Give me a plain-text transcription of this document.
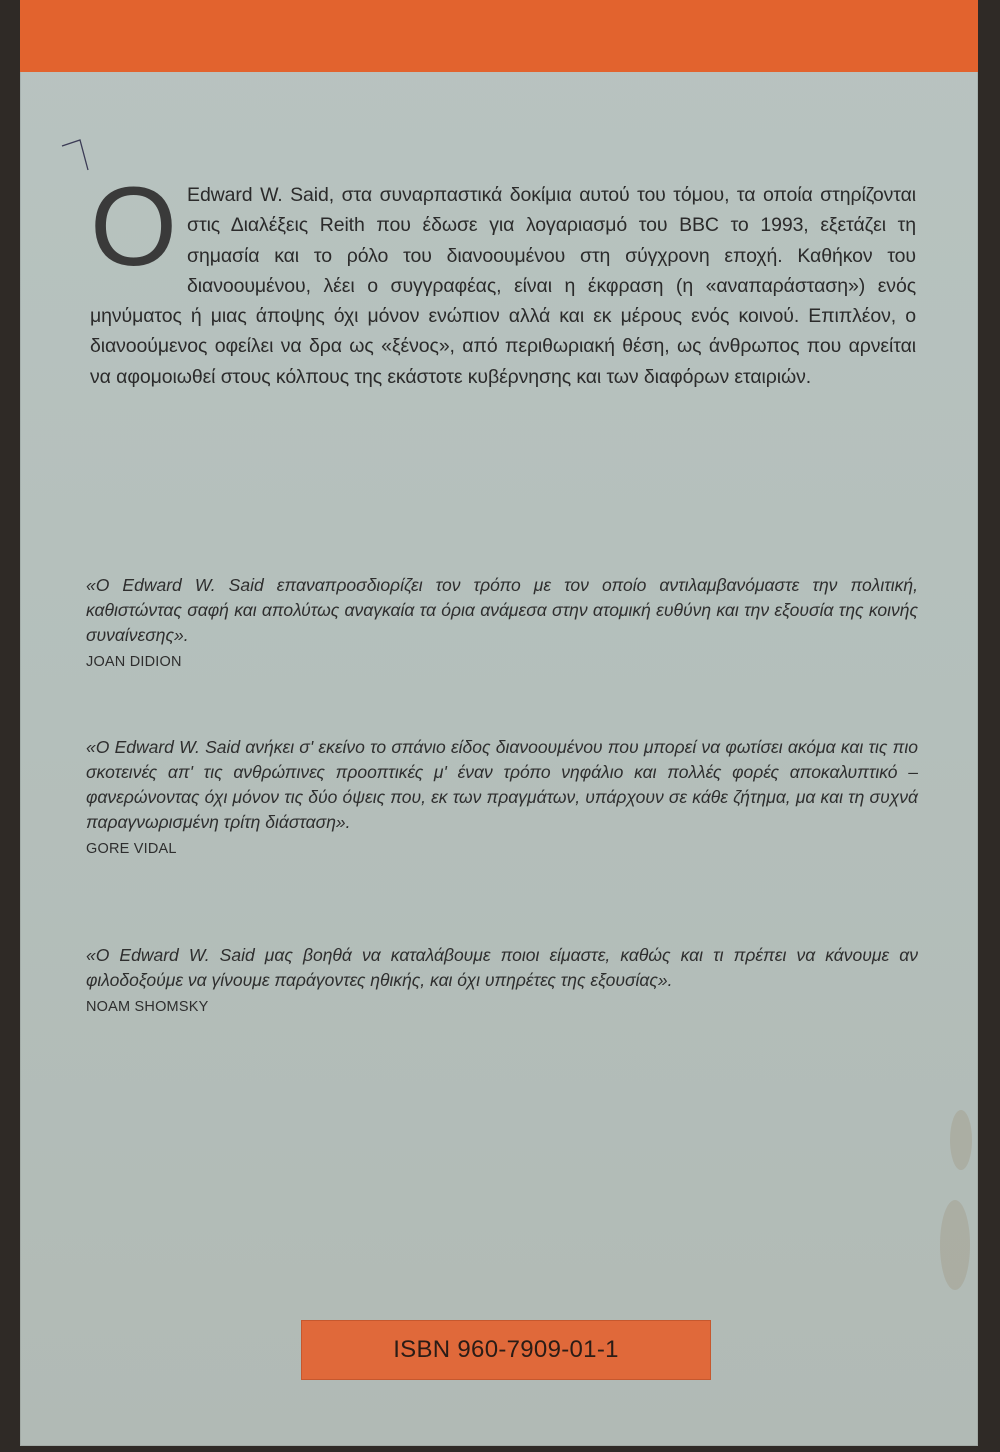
Ο Edward W. Said, στα συναρπαστικά δοκίμια αυτού του τόμου, τα οποία στηρίζονται στις Διαλέξεις Reith που έδωσε για λογαριασμό του BBC το 1993, εξετάζει τη σημασία και το ρόλο του διανοουμένου στη σύγχρονη εποχή. Καθήκον του διανοουμένου, λέει ο συγγραφέας, είναι η έκφραση (η «αναπαράσταση») ενός μηνύματος ή μιας άποψης όχι μόνον ενώπιον αλλά και εκ μέρους ενός κοινού. Επιπλέον, ο διανοούμενος οφείλει να δρα ως «ξένος», από περιθωριακή θέση, ως άνθρωπος που αρνείται να αφομοιωθεί στους κόλπους της εκάστοτε κυβέρνησης και των διαφόρων εταιριών.
«Ο Edward W. Said επαναπροσδιορίζει τον τρόπο με τον οποίο αντιλαμβανόμαστε την πολιτική, καθιστώντας σαφή και απολύτως αναγκαία τα όρια ανάμεσα στην ατομική ευθύνη και την εξουσία της κοινής συναίνεσης».
JOAN DIDION
«Ο Edward W. Said ανήκει σ' εκείνο το σπάνιο είδος διανοουμένου που μπορεί να φωτίσει ακόμα και τις πιο σκοτεινές απ' τις ανθρώπινες προοπτικές μ' έναν τρόπο νηφάλιο και πολλές φορές αποκαλυπτικό –φανερώνοντας όχι μόνον τις δύο όψεις που, εκ των πραγμάτων, υπάρχουν σε κάθε ζήτημα, μα και τη συχνά παραγνωρισμένη τρίτη διάσταση».
GORE VIDAL
«Ο Edward W. Said μας βοηθά να καταλάβουμε ποιοι είμαστε, καθώς και τι πρέπει να κάνουμε αν φιλοδοξούμε να γίνουμε παράγοντες ηθικής, και όχι υπηρέτες της εξουσίας».
NOAM SHOMSKY
ISBN 960-7909-01-1
